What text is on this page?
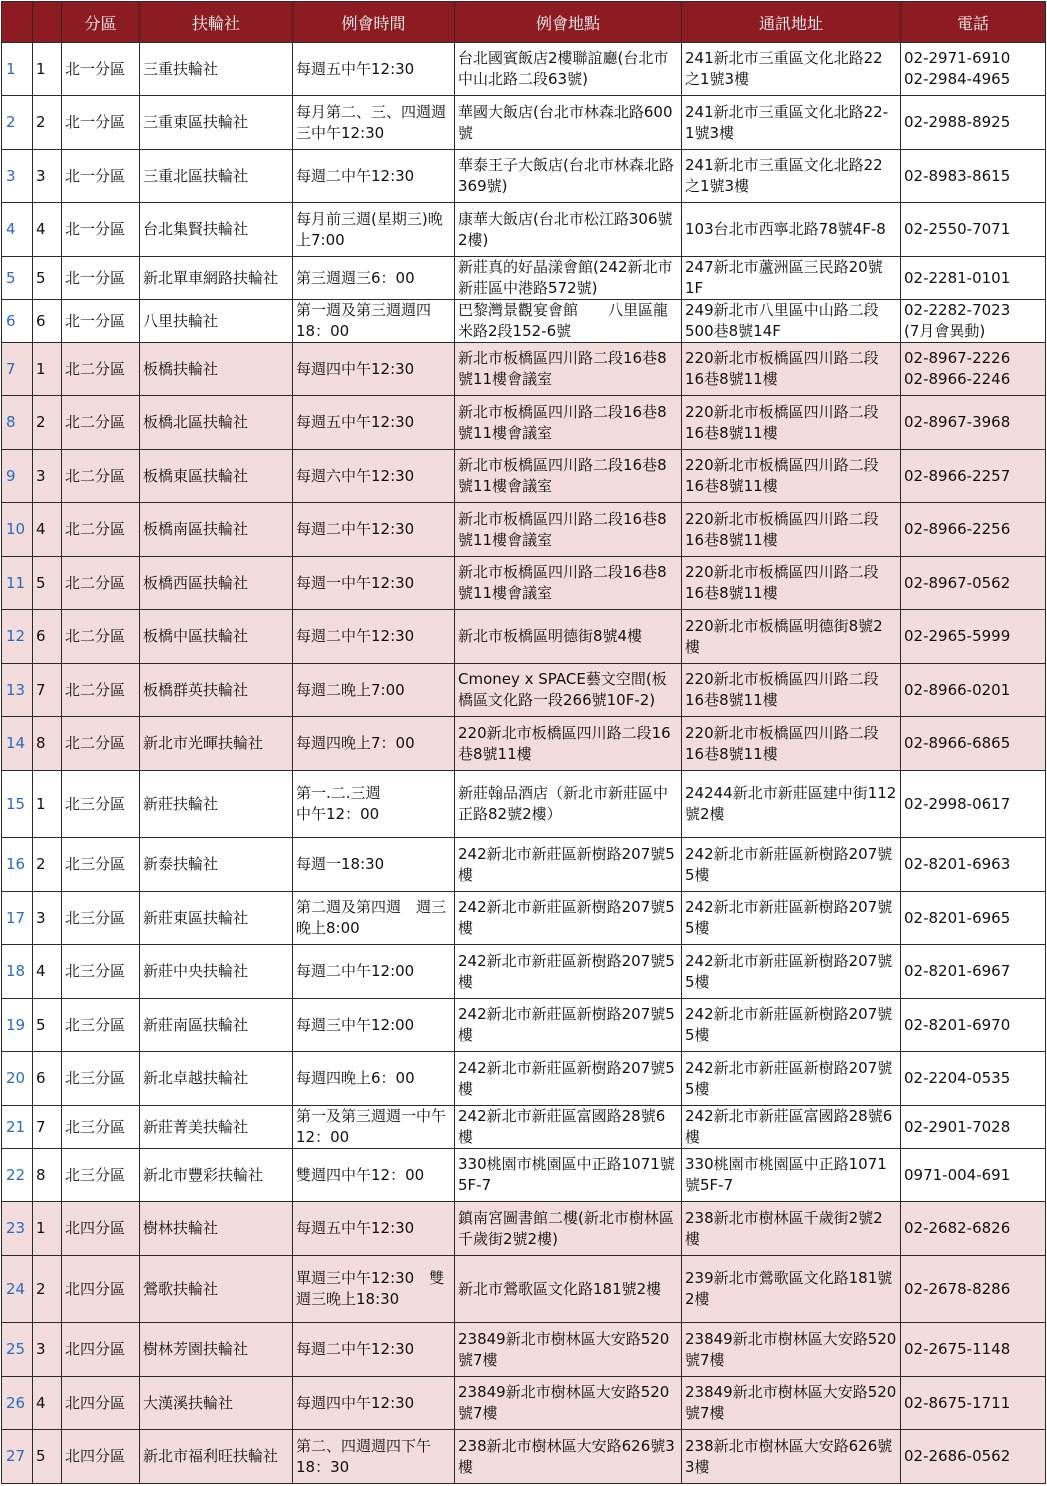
		分區	扶輪社	例會時間	例會地點	通訊地址	電話
1	1	北一分區	三重扶輪社	每週五中午12:30	台北國賓飯店2樓聯誼廳(台北市中山北路二段63號)	241新北市三重區文化北路22之1號3樓	02-2971-6910
02-2984-4965
2	2	北一分區	三重東區扶輪社	每月第二、三、四週週三中午12:30	華國大飯店(台北市林森北路600號	241新北市三重區文化北路22-1號3樓	02-2988-8925
3	3	北一分區	三重北區扶輪社	每週二中午12:30	華泰王子大飯店(台北市林森北路369號)	241新北市三重區文化北路22之1號3樓	02-8983-8615
4	4	北一分區	台北集賢扶輪社	每月前三週(星期三)晚上7:00	康華大飯店(台北市松江路306號2樓)	103台北市西寧北路78號4F-8	02-2550-7071
5	5	北一分區	新北單車網路扶輪社	第三週週三6：00	新莊真的好晶漾會館(242新北市新莊區中港路572號)	247新北市蘆洲區三民路20號1F	02-2281-0101
6	6	北一分區	八里扶輪社	第一週及第三週週四18：00	巴黎灣景觀宴會館　　八里區龍米路2段152-6號	249新北市八里區中山路二段500巷8號14F	02-2282-7023
(7月會異動)
7	1	北二分區	板橋扶輪社	每週四中午12:30	新北市板橋區四川路二段16巷8號11樓會議室	220新北市板橋區四川路二段16巷8號11樓	02-8967-2226
02-8966-2246
8	2	北二分區	板橋北區扶輪社	每週五中午12:30	新北市板橋區四川路二段16巷8號11樓會議室	220新北市板橋區四川路二段16巷8號11樓	02-8967-3968
9	3	北二分區	板橋東區扶輪社	每週六中午12:30	新北市板橋區四川路二段16巷8號11樓會議室	220新北市板橋區四川路二段16巷8號11樓	02-8966-2257
10	4	北二分區	板橋南區扶輪社	每週二中午12:30	新北市板橋區四川路二段16巷8號11樓會議室	220新北市板橋區四川路二段16巷8號11樓	02-8966-2256
11	5	北二分區	板橋西區扶輪社	每週一中午12:30	新北市板橋區四川路二段16巷8號11樓會議室	220新北市板橋區四川路二段16巷8號11樓	02-8967-0562
12	6	北二分區	板橋中區扶輪社	每週二中午12:30	新北市板橋區明德街8號4樓	220新北市板橋區明德街8號2樓	02-2965-5999
13	7	北二分區	板橋群英扶輪社	每週二晚上7:00	Cmoney x SPACE藝文空間(板橋區文化路一段266號10F-2)	220新北市板橋區四川路二段16巷8號11樓	02-8966-0201
14	8	北二分區	新北市光暉扶輪社	每週四晚上7：00	220新北市板橋區四川路二段16巷8號11樓	220新北市板橋區四川路二段16巷8號11樓	02-8966-6865
15	1	北三分區	新莊扶輪社	第一.二.三週
中午12：00	新莊翰品酒店（新北市新莊區中正路82號2樓）	24244新北市新莊區建中街112號2樓	02-2998-0617
16	2	北三分區	新泰扶輪社	每週一18:30	242新北市新莊區新樹路207號5樓	242新北市新莊區新樹路207號5樓	02-8201-6963
17	3	北三分區	新莊東區扶輪社	第二週及第四週　週三晚上8:00	242新北市新莊區新樹路207號5樓	242新北市新莊區新樹路207號5樓	02-8201-6965
18	4	北三分區	新莊中央扶輪社	每週二中午12:00	242新北市新莊區新樹路207號5樓	242新北市新莊區新樹路207號5樓	02-8201-6967
19	5	北三分區	新莊南區扶輪社	每週三中午12:00	242新北市新莊區新樹路207號5樓	242新北市新莊區新樹路207號5樓	02-8201-6970
20	6	北三分區	新北卓越扶輪社	每週四晚上6：00	242新北市新莊區新樹路207號5樓	242新北市新莊區新樹路207號5樓	02-2204-0535
21	7	北三分區	新莊菁美扶輪社	第一及第三週週一中午12：00	242新北市新莊區富國路28號6樓	242新北市新莊區富國路28號6樓	02-2901-7028
22	8	北三分區	新北市豐彩扶輪社	雙週四中午12：00	330桃園市桃園區中正路1071號5F-7	330桃園市桃園區中正路1071號5F-7	0971-004-691
23	1	北四分區	樹林扶輪社	每週五中午12:30	鎮南宮圖書館二樓(新北市樹林區千歲街2號2樓)	238新北市樹林區千歲街2號2樓	02-2682-6826
24	2	北四分區	鶯歌扶輪社	單週三中午12:30　雙週三晚上18:30	新北市鶯歌區文化路181號2樓	239新北市鶯歌區文化路181號2樓	02-2678-8286
25	3	北四分區	樹林芳園扶輪社	每週二中午12:30	23849新北市樹林區大安路520號7樓	23849新北市樹林區大安路520號7樓	02-2675-1148
26	4	北四分區	大漢溪扶輪社	每週四中午12:30	23849新北市樹林區大安路520號7樓	23849新北市樹林區大安路520號7樓	02-8675-1711
27	5	北四分區	新北市福利旺扶輪社	第二、四週週四下午18：30	238新北市樹林區大安路626號3樓	238新北市樹林區大安路626號3樓	02-2686-0562
